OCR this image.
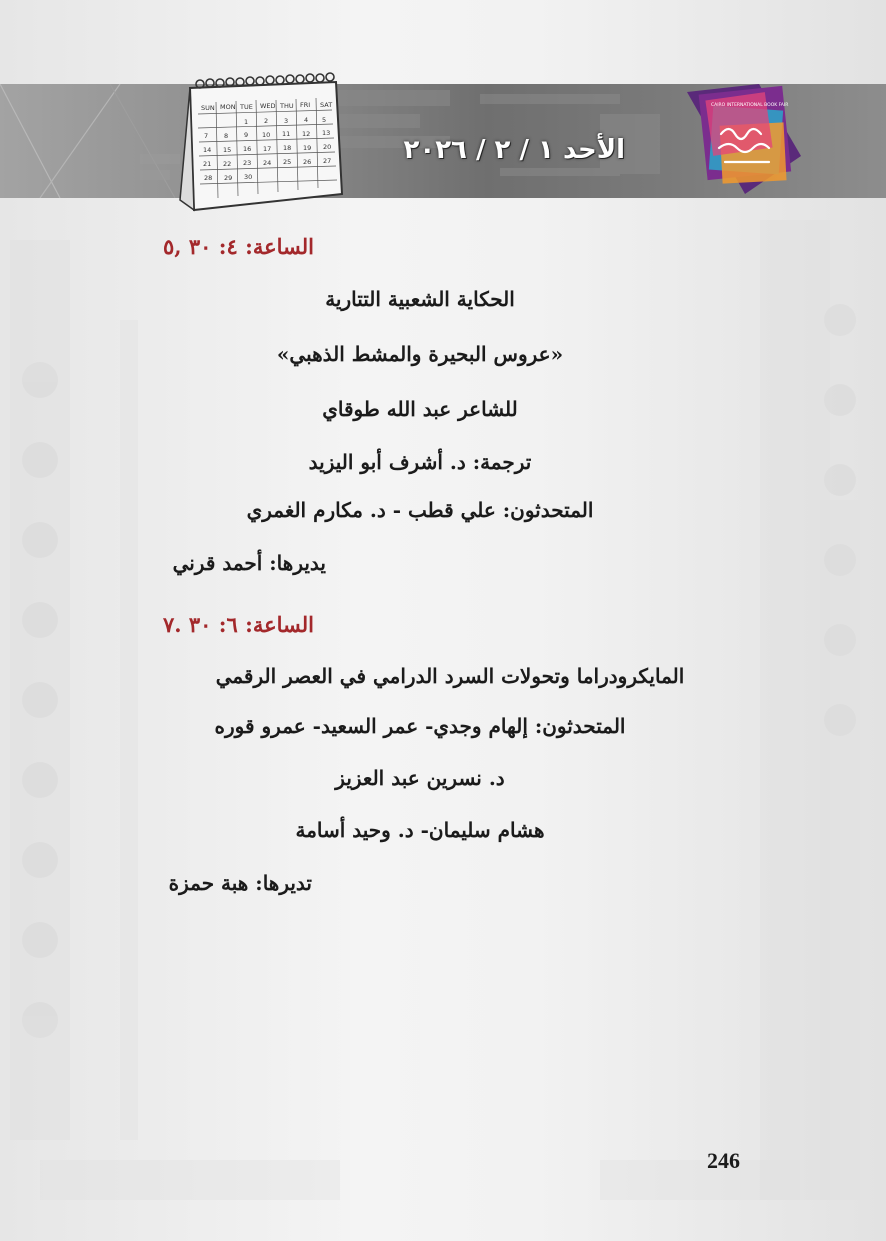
SUN MON TUE WED THU FRI SAT
1 2 3 4 5
7 8 9 10 11 12 13
14 15 16 17 18 19 20
21 22 23 24 25 26 27
28 29 30
الأحد ١ / ٢ / ٢٠٢٦
CAIRO INTERNATIONAL BOOK FAIR
الساعة: ٤: ٣٠ ,٥
الحكاية الشعبية التتارية
«عروس البحيرة والمشط الذهبي»
للشاعر عبد الله طوقاي
ترجمة: د. أشرف أبو اليزيد
المتحدثون: علي قطب - د. مكارم الغمري
يديرها: أحمد قرني
الساعة: ٦: ٣٠ .٧
المايكرودراما وتحولات السرد الدرامي في العصر الرقمي
المتحدثون: إلهام وجدي- عمر السعيد- عمرو قوره
د. نسرين عبد العزيز
هشام سليمان- د. وحيد أسامة
تديرها: هبة حمزة
246
